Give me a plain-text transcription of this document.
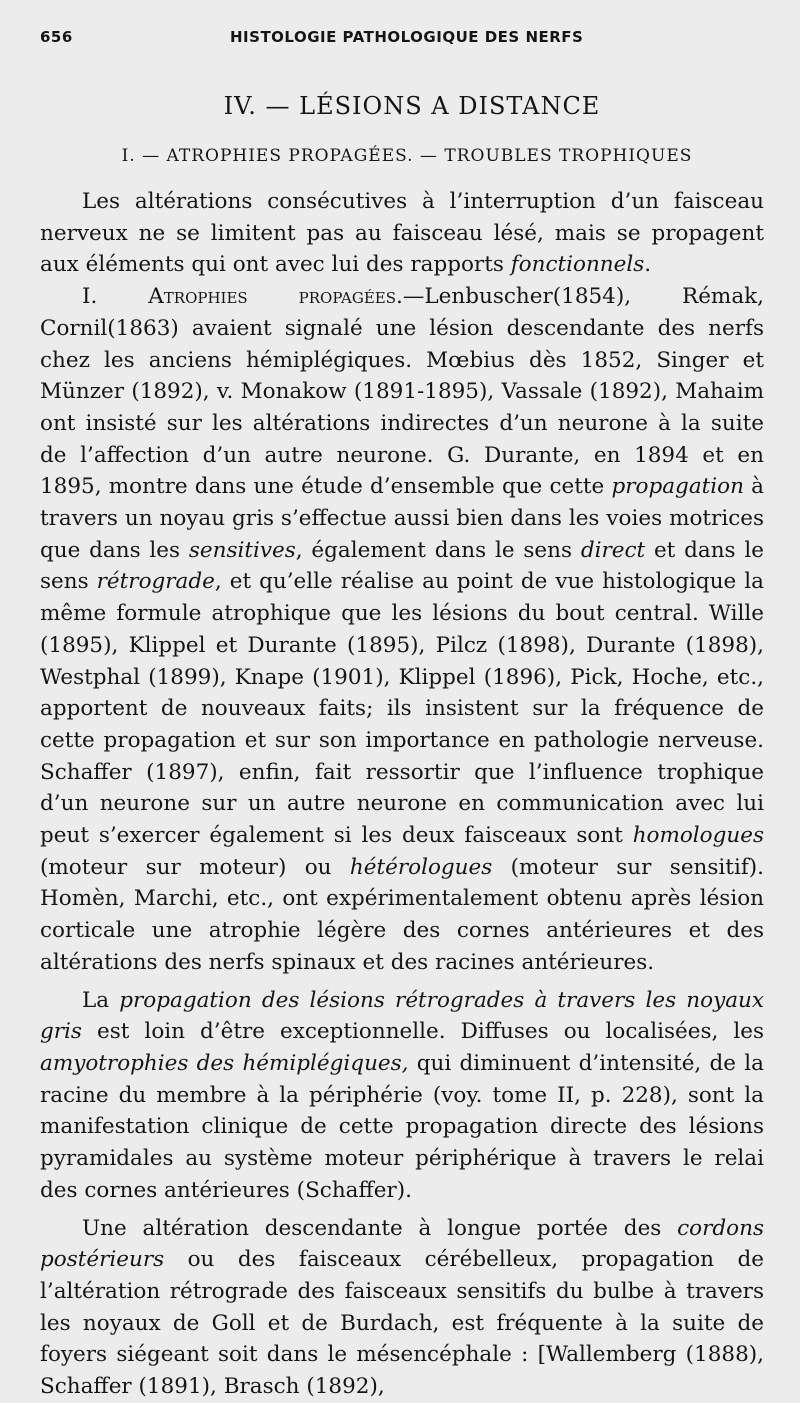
656	HISTOLOGIE PATHOLOGIQUE DES NERFS
IV. — LÉSIONS A DISTANCE
I. — ATROPHIES PROPAGÉES. — TROUBLES TROPHIQUES

Les altérations consécutives à l’interruption d’un faisceau nerveux ne se limitent pas au faisceau lésé, mais se propagent aux éléments qui ont avec lui des rapports fonctionnels.

I. Atrophies propagées.—Lenbuscher(1854), Rémak, Cornil(1863) avaient signalé une lésion descendante des nerfs chez les anciens hémiplégiques. Mœbius dès 1852, Singer et Münzer (1892), v. Monakow (1891-1895), Vassale (1892), Mahaim ont insisté sur les altérations indirectes d’un neurone à la suite de l’affection d’un autre neurone. G. Durante, en 1894 et en 1895, montre dans une étude d’ensemble que cette propagation à travers un noyau gris s’effectue aussi bien dans les voies motrices que dans les sensitives, également dans le sens direct et dans le sens rétrograde, et qu’elle réalise au point de vue histologique la même formule atrophique que les lésions du bout central. Wille (1895), Klippel et Durante (1895), Pilcz (1898), Durante (1898), Westphal (1899), Knape (1901), Klippel (1896), Pick, Hoche, etc., apportent de nouveaux faits; ils insistent sur la fréquence de cette propagation et sur son importance en pathologie nerveuse. Schaffer (1897), enfin, fait ressortir que l’influence trophique d’un neurone sur un autre neurone en communication avec lui peut s’exercer également si les deux faisceaux sont homologues (moteur sur moteur) ou hétérologues (moteur sur sensitif). Homèn, Marchi, etc., ont expérimentalement obtenu après lésion corticale une atrophie légère des cornes antérieures et des altérations des nerfs spinaux et des racines antérieures.

La propagation des lésions rétrogrades à travers les noyaux gris est loin d’être exceptionnelle. Diffuses ou localisées, les amyotrophies des hémiplégiques, qui diminuent d’intensité, de la racine du membre à la périphérie (voy. tome II, p. 228), sont la manifestation clinique de cette propagation directe des lésions pyramidales au système moteur périphérique à travers le relai des cornes antérieures (Schaffer).

Une altération descendante à longue portée des cordons postérieurs ou des faisceaux cérébelleux, propagation de l’altération rétrograde des faisceaux sensitifs du bulbe à travers les noyaux de Goll et de Burdach, est fréquente à la suite de foyers siégeant soit dans le mésencéphale : [Wallemberg (1888), Schaffer (1891), Brasch (1892),
